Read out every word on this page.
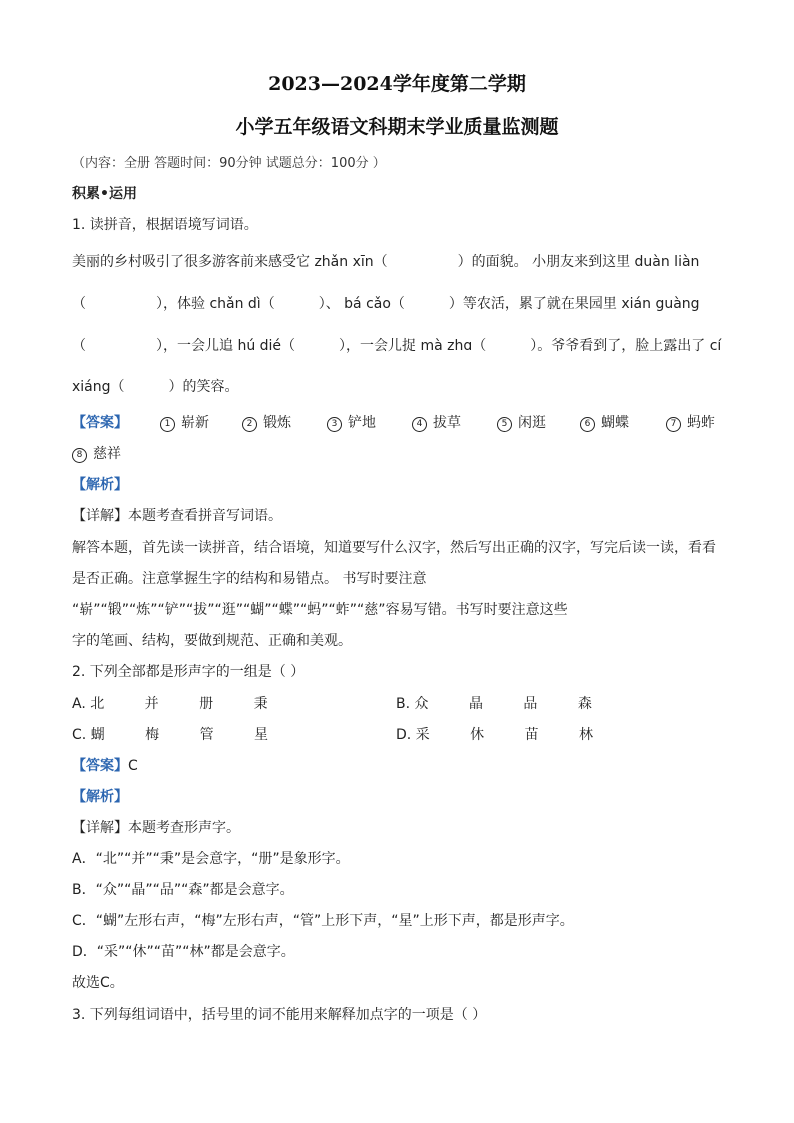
2023—2024学年度第二学期
小学五年级语文科期末学业质量监测题
（内容：全册 答题时间：90分钟 试题总分：100分 ）
积累•运用
1. 读拼音，根据语境写词语。
美丽的乡村吸引了很多游客前来感受它 zhǎn xīn（	）的面貌。 小朋友来到这里 duàn liàn
（	），体验 chǎn dì（	）、 bá cǎo（	）等农活，累了就在果园里 xián guàng
（	），一会儿追 hú dié（	），一会儿捉 mà zhɑ（	）。爷爷看到了，脸上露出了 cí
xiáng（	）的笑容。
【答案】	1 崭新	2 锻炼	3 铲地	4 拔草	5 闲逛	6 蝴蝶	7 蚂蚱
8 慈祥
【解析】
【详解】本题考查看拼音写词语。
解答本题，首先读一读拼音，结合语境，知道要写什么汉字，然后写出正确的汉字，写完后读一读，看看
是否正确。注意掌握生字的结构和易错点。 书写时要注意
“崭”“锻”“炼”“铲”“拔”“逛”“蝴”“蝶”“蚂”“蚱”“慈”容易写错。书写时要注意这些
字的笔画、结构，要做到规范、正确和美观。
2. 下列全部都是形声字的一组是（ ）
A. 北 并 册 秉	B. 众 晶 品 森
C. 蝴 梅 管 星	D. 采 休 苗 林
【答案】C
【解析】
【详解】本题考查形声字。
A．“北”“并”“秉”是会意字，“册”是象形字。
B．“众”“晶”“品”“森”都是会意字。
C．“蝴”左形右声，“梅”左形右声，“管”上形下声，“星”上形下声，都是形声字。
D．“采”“休”“苗”“林”都是会意字。
故选C。
3. 下列每组词语中，括号里的词不能用来解释加点字的一项是（ ）
